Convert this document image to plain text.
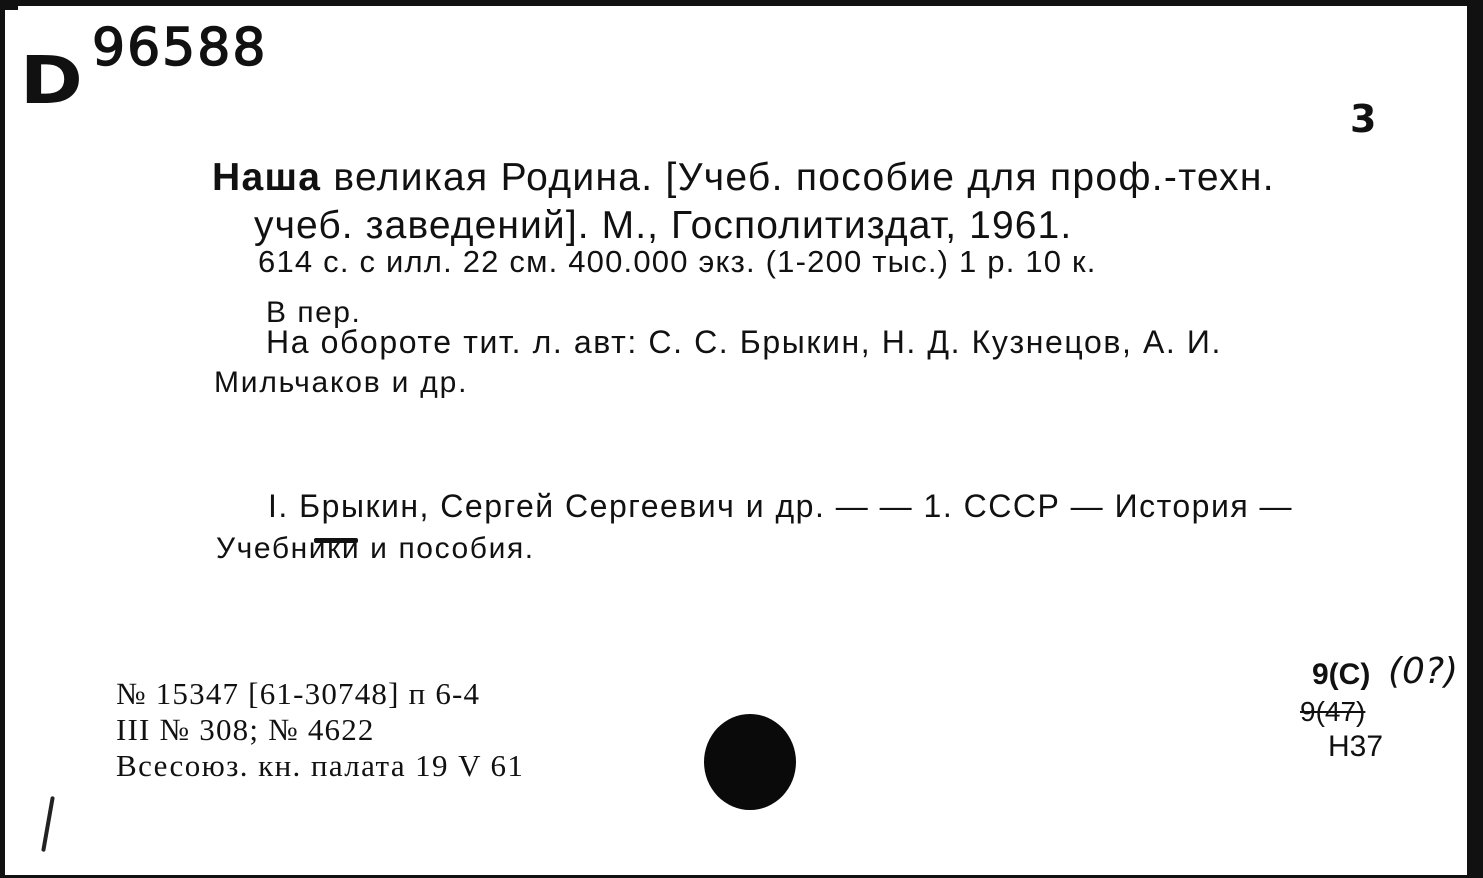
D 96588
3
Наша великая Родина. [Учеб. пособие для проф.-техн.
учеб. заведений]. М., Госполитиздат, 1961.
614 с. с илл. 22 см. 400.000 экз. (1-200 тыс.) 1 р. 10 к.
В пер.
На обороте тит. л. авт: С. С. Брыкин, Н. Д. Кузнецов, А. И.
Мильчаков и др.
I. Брыкин, Сергей Сергеевич и др. — — 1. СССР — История —
Учебники и пособия.
№ 15347 [61-30748] п 6-4
III № 308; № 4622
Всесоюз. кн. палата 19 V 61
9(С) (0?)
9(47)
Н37
